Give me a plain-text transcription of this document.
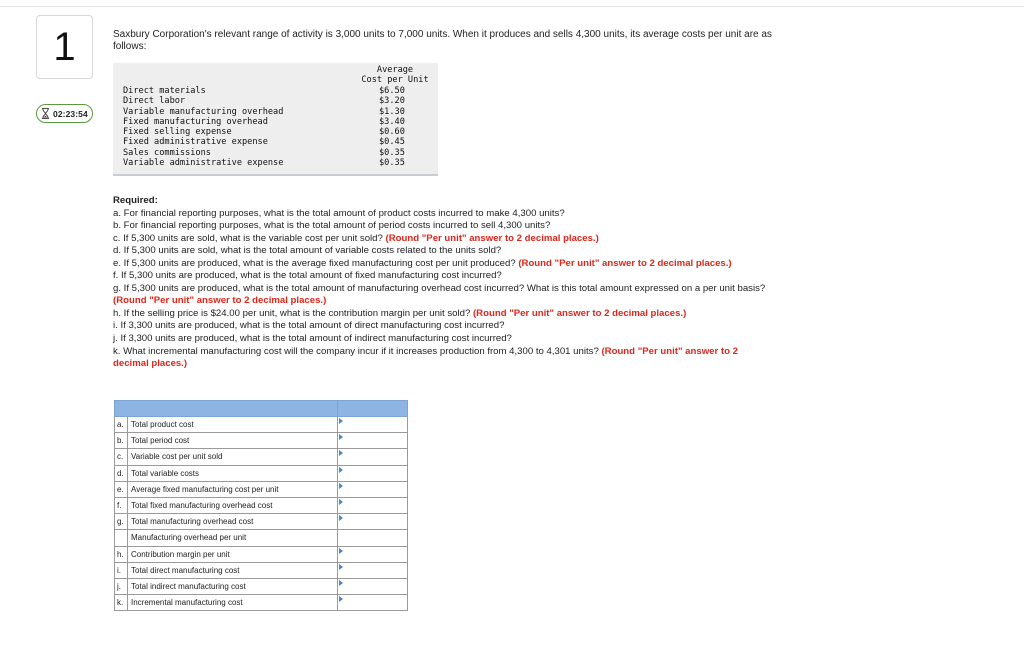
1
02:23:54
Saxbury Corporation's relevant range of activity is 3,000 units to 7,000 units. When it produces and sells 4,300 units, its average costs per unit are as follows:
Average
Cost per Unit
Direct materials	$6.50
Direct labor	$3.20
Variable manufacturing overhead	$1.30
Fixed manufacturing overhead	$3.40
Fixed selling expense	$0.60
Fixed administrative expense	$0.45
Sales commissions	$0.35
Variable administrative expense	$0.35
Required:
a. For financial reporting purposes, what is the total amount of product costs incurred to make 4,300 units?
b. For financial reporting purposes, what is the total amount of period costs incurred to sell 4,300 units?
c. If 5,300 units are sold, what is the variable cost per unit sold? (Round "Per unit" answer to 2 decimal places.)
d. If 5,300 units are sold, what is the total amount of variable costs related to the units sold?
e. If 5,300 units are produced, what is the average fixed manufacturing cost per unit produced? (Round "Per unit" answer to 2 decimal places.)
f. If 5,300 units are produced, what is the total amount of fixed manufacturing cost incurred?
g. If 5,300 units are produced, what is the total amount of manufacturing overhead cost incurred? What is this total amount expressed on a per unit basis? (Round "Per unit" answer to 2 decimal places.)
h. If the selling price is $24.00 per unit, what is the contribution margin per unit sold? (Round "Per unit" answer to 2 decimal places.)
i. If 3,300 units are produced, what is the total amount of direct manufacturing cost incurred?
j. If 3,300 units are produced, what is the total amount of indirect manufacturing cost incurred?
k. What incremental manufacturing cost will the company incur if it increases production from 4,300 to 4,301 units? (Round "Per unit" answer to 2 decimal places.)

a.	Total product cost	

b.	Total period cost	

c.	Variable cost per unit sold	

d.	Total variable costs	

e.	Average fixed manufacturing cost per unit	

f.	Total fixed manufacturing overhead cost	

g.	Total manufacturing overhead cost	

	Manufacturing overhead per unit	
h.	Contribution margin per unit	

i.	Total direct manufacturing cost	

j.	Total indirect manufacturing cost	

k.	Incremental manufacturing cost	
